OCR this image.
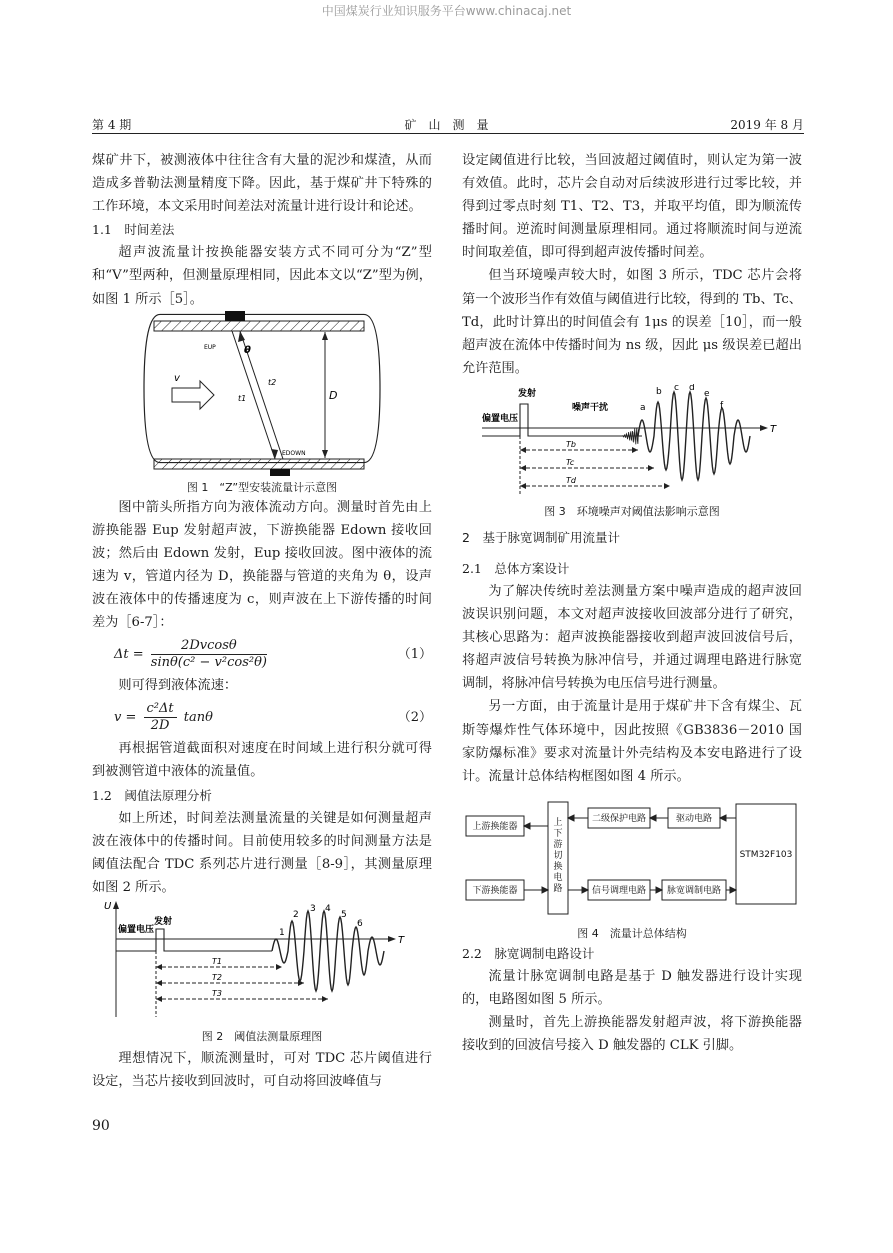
中国煤炭行业知识服务平台www.chinacaj.net
第 4 期	矿　山　测　量	2019 年 8 月

煤矿井下，被测液体中往往含有大量的泥沙和煤渣，从而造成多普勒法测量精度下降。因此，基于煤矿井下特殊的工作环境，本文采用时间差法对流量计进行设计和论述。

1.1　时间差法

超声波流量计按换能器安装方式不同可分为“Z”型和“V”型两种，但测量原理相同，因此本文以“Z”型为例，如图 1 所示［5］。

v
EUP
EDOWN
θ
t1
t2
D
图 1　“Z”型安装流量计示意图

图中箭头所指方向为液体流动方向。测量时首先由上游换能器 Eup 发射超声波，下游换能器 Edown 接收回波；然后由 Edown 发射，Eup 接收回波。图中液体的流速为 v，管道内径为 D，换能器与管道的夹角为 θ，设声波在液体中的传播速度为 c，则声波在上下游传播的时间差为［6-7］：

$\Delta t = \frac{2Dvcos\theta}{\text{sinθ(c² − v²cos²θ)}}$	（1）

则可得到液体流速：

$v = \frac{\text{c²Δt}}{2D}$ tanθ	（2）

再根据管道截面积对速度在时间域上进行积分就可得到被测管道中液体的流量值。

1.2　阈值法原理分析

如上所述，时间差法测量流量的关键是如何测量超声波在液体中的传播时间。目前使用较多的时间测量方法是阈值法配合 TDC 系列芯片进行测量［8-9］，其测量原理如图 2 所示。

U
T
发射
偏置电压
T1
T2
T3
1
2
3 4
5
6
图 2　阈值法测量原理图

理想情况下，顺流测量时，可对 TDC 芯片阈值进行设定，当芯片接收到回波时，可自动将回波峰值与

90

设定阈值进行比较，当回波超过阈值时，则认定为第一波有效值。此时，芯片会自动对后续波形进行过零比较，并得到过零点时刻 T1、T2、T3，并取平均值，即为顺流传播时间。逆流时间测量原理相同。通过将顺流时间与逆流时间取差值，即可得到超声波传播时间差。

但当环境噪声较大时，如图 3 所示，TDC 芯片会将第一个波形当作有效值与阈值进行比较，得到的 Tb、Tc、Td，此时计算出的时间值会有 1μs 的误差［10］，而一般超声波在流体中传播时间为 ns 级，因此 μs 级误差已超出允许范围。

发射
偏置电压
噪声干扰
T
Tb
Tc
Td
a
b c d
e
f
图 3　环境噪声对阈值法影响示意图
2　基于脉宽调制矿用流量计
2.1　总体方案设计

为了解决传统时差法测量方案中噪声造成的超声波回波误识别问题，本文对超声波接收回波部分进行了研究，其核心思路为：超声波换能器接收到超声波回波信号后，将超声波信号转换为脉冲信号，并通过调理电路进行脉宽调制，将脉冲信号转换为电压信号进行测量。

另一方面，由于流量计是用于煤矿井下含有煤尘、瓦斯等爆炸性气体环境中，因此按照《GB3836－2010 国家防爆标准》要求对流量计外壳结构及本安电路进行了设计。流量计总体结构框图如图 4 所示。

上游换能器
下游换能器
上下游切换电路
二级保护电路	驱动电路
信号调理电路 脉宽调制电路
STM32F103
图 4　流量计总体结构
2.2　脉宽调制电路设计

流量计脉宽调制电路是基于 D 触发器进行设计实现的，电路图如图 5 所示。

测量时，首先上游换能器发射超声波，将下游换能器接收到的回波信号接入 D 触发器的 CLK 引脚。
